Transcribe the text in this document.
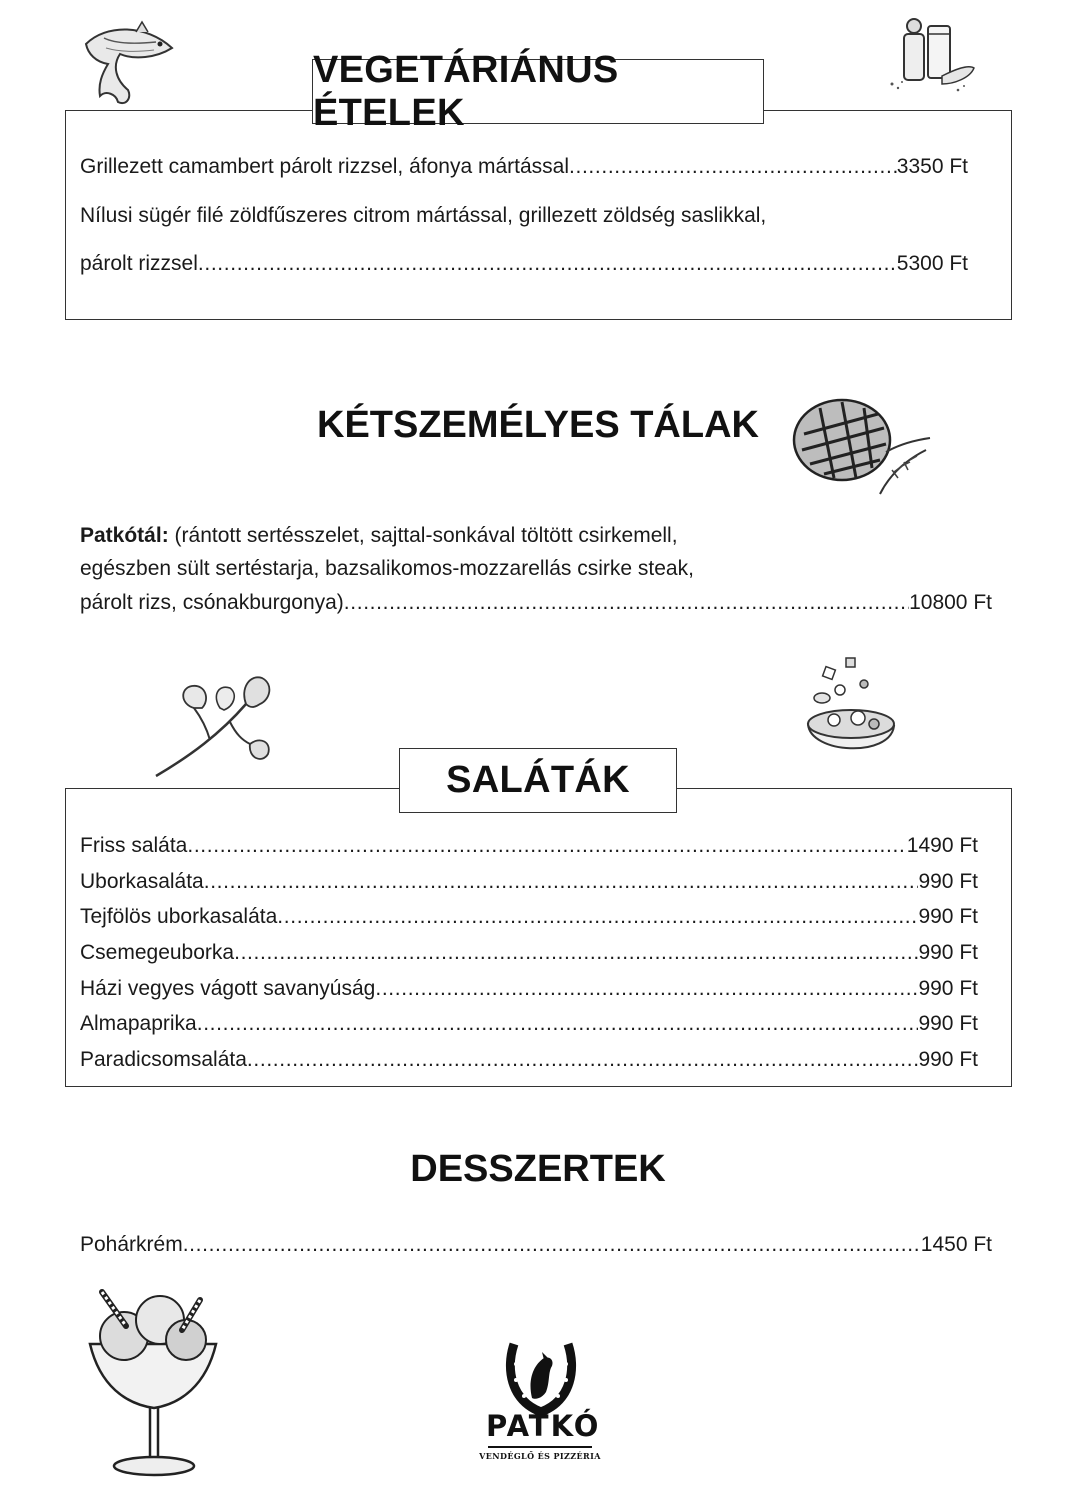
VEGETÁRIÁNUS ÉTELEK
Grillezett camambert párolt rizzsel, áfonya mártással . . .	3350 Ft
Nílusi sügér filé zöldfűszeres citrom mártással, grillezett zöldség saslikkal,
párolt rizzsel . . .	5300 Ft
KÉTSZEMÉLYES TÁLAK
Patkótál: (rántott sertésszelet, sajttal-sonkával töltött csirkemell,
egészben sült sertéstarja, bazsalikomos-mozzarellás csirke steak,
párolt rizs, csónakburgonya) . . .	10800 Ft
SALÁTÁK
Friss saláta . . .	1490 Ft
Uborkasaláta . . .	990 Ft
Tejfölös uborkasaláta . . .	990 Ft
Csemegeuborka . . .	990 Ft
Házi vegyes vágott savanyúság . . .	990 Ft
Almapaprika . . .	990 Ft
Paradicsomsaláta . . .	990 Ft
DESSZERTEK
Pohárkrém . . .	1450 Ft
PATKÓ
VENDÉGLŐ ÉS PIZZÉRIA
